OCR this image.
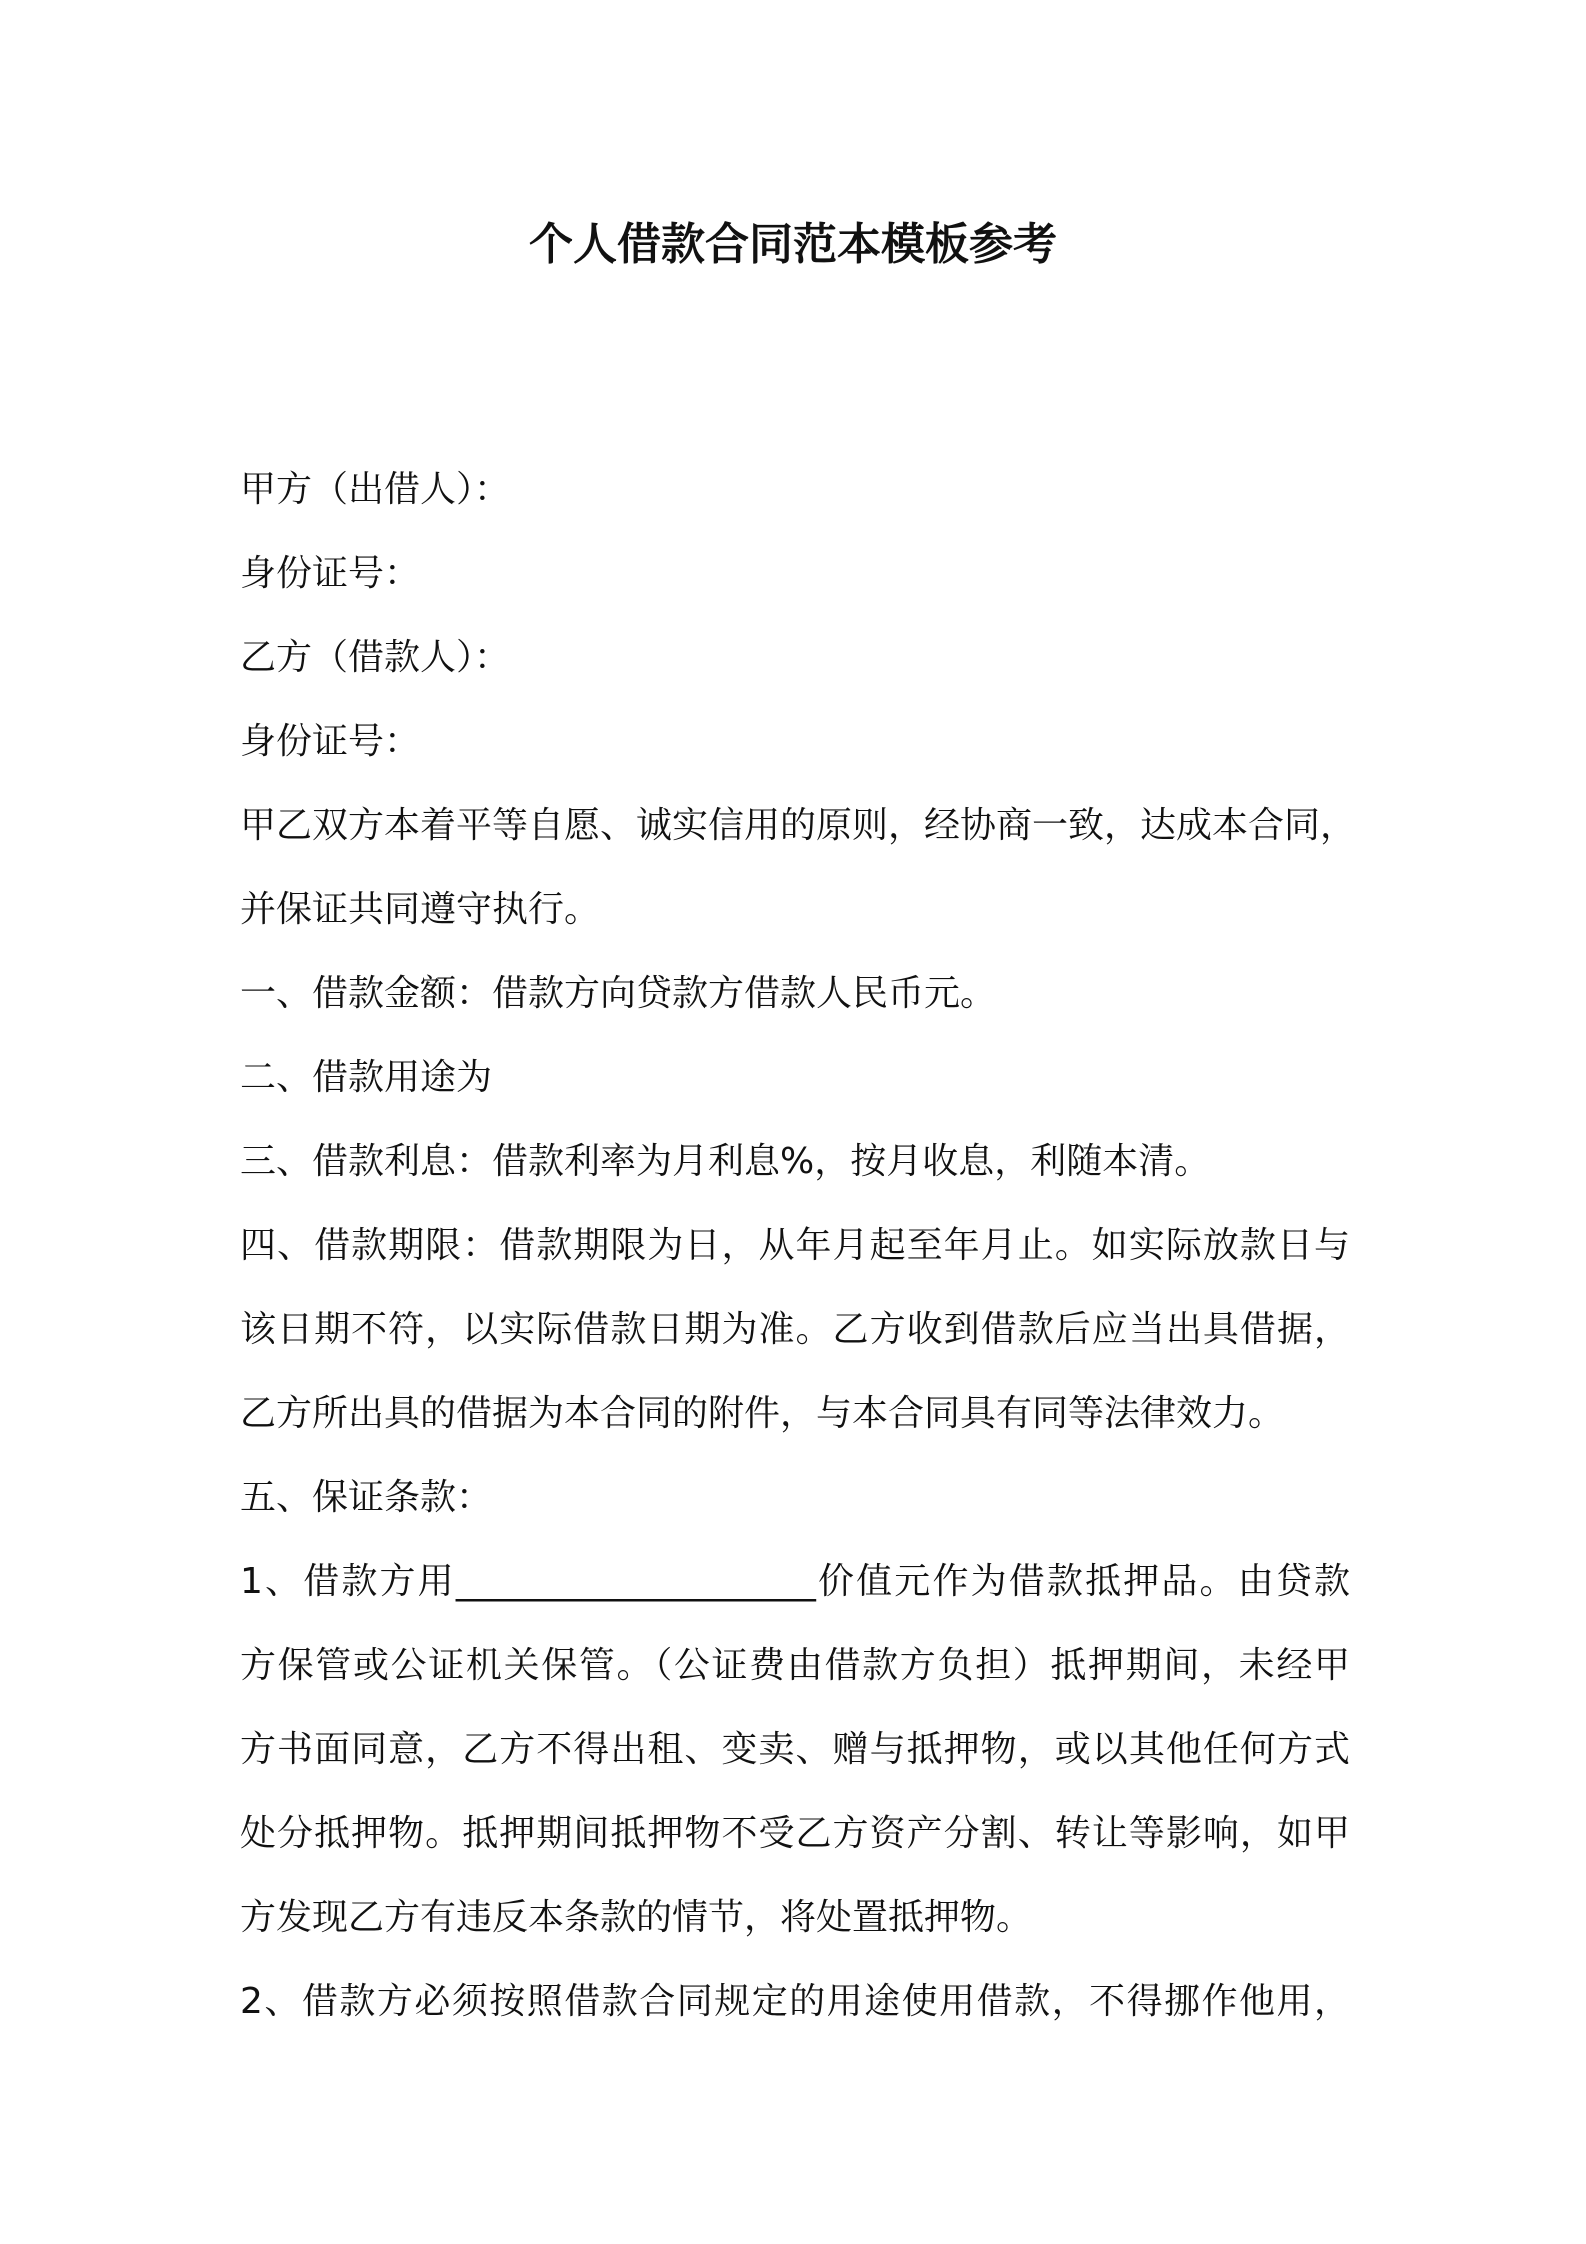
个人借款合同范本模板参考

甲方（出借人）：

身份证号：

乙方（借款人）：

身份证号：

甲乙双方本着平等自愿、诚实信用的原则，经协商一致，达成本合同，

并保证共同遵守执行。

一、借款金额：借款方向贷款方借款人民币元。

二、借款用途为

三、借款利息：借款利率为月利息%，按月收息，利随本清。

四、借款期限：借款期限为日，从年月起至年月止。如实际放款日与

该日期不符，以实际借款日期为准。乙方收到借款后应当出具借据，

乙方所出具的借据为本合同的附件，与本合同具有同等法律效力。

五、保证条款：

1、借款方用____________________价值元作为借款抵押品。由贷款

方保管或公证机关保管。（公证费由借款方负担）抵押期间，未经甲

方书面同意，乙方不得出租、变卖、赠与抵押物，或以其他任何方式

处分抵押物。抵押期间抵押物不受乙方资产分割、转让等影响，如甲

方发现乙方有违反本条款的情节，将处置抵押物。

2、借款方必须按照借款合同规定的用途使用借款，不得挪作他用，
